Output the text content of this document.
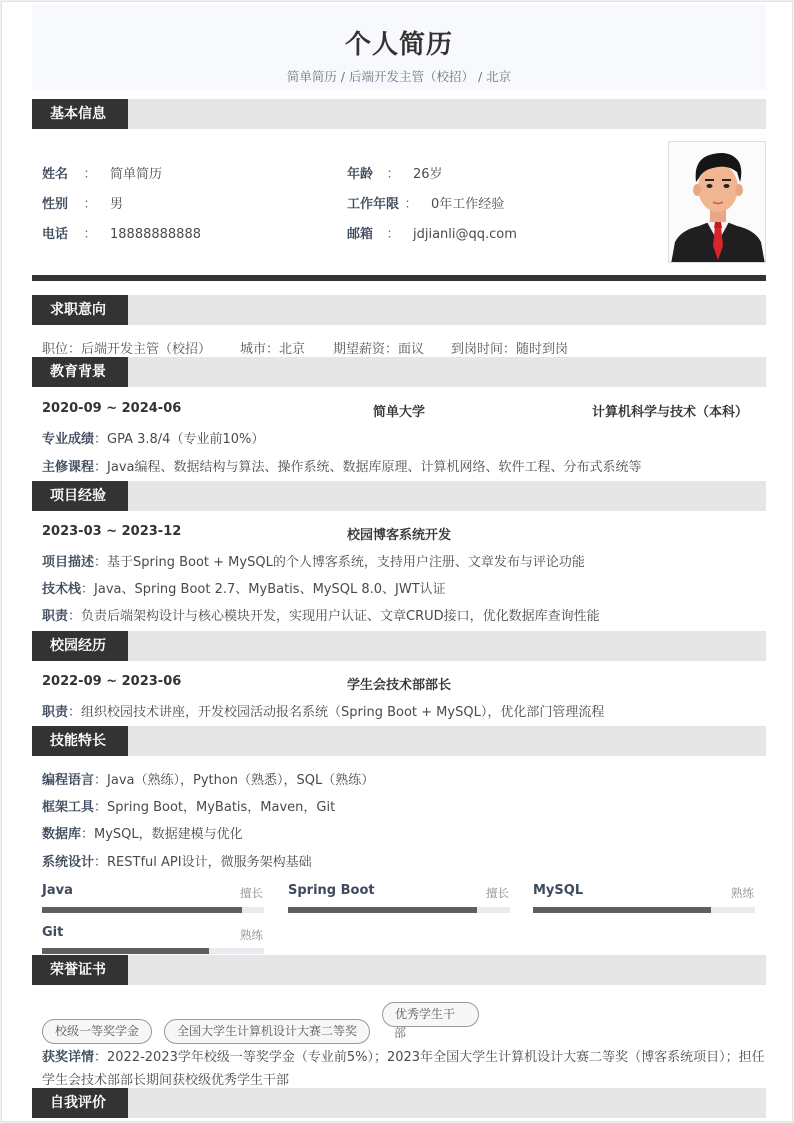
个人简历
简单简历 / 后端开发主管（校招） / 北京
基本信息
姓名 ： 简单简历
性别 ： 男
电话 ： 18888888888
年龄 ： 26岁
工作年限 ： 0年工作经验
邮箱 ： jdjianli@qq.com
求职意向
职位：后端开发主管（校招） 城市：北京 期望薪资：面议 到岗时间：随时到岗
教育背景
2020-09 ~ 2024-06	简单大学	计算机科学与技术（本科）
专业成绩：GPA 3.8/4（专业前10%）
主修课程：Java编程、数据结构与算法、操作系统、数据库原理、计算机网络、软件工程、分布式系统等
项目经验
2023-03 ~ 2023-12	校园博客系统开发
项目描述：基于Spring Boot + MySQL的个人博客系统，支持用户注册、文章发布与评论功能
技术栈：Java、Spring Boot 2.7、MyBatis、MySQL 8.0、JWT认证
职责：负责后端架构设计与核心模块开发，实现用户认证、文章CRUD接口，优化数据库查询性能
校园经历
2022-09 ~ 2023-06	学生会技术部部长
职责：组织校园技术讲座，开发校园活动报名系统（Spring Boot + MySQL），优化部门管理流程
技能特长
编程语言：Java（熟练），Python（熟悉），SQL（熟练）
框架工具：Spring Boot，MyBatis，Maven，Git
数据库：MySQL，数据建模与优化
系统设计：RESTful API设计，微服务架构基础
Java	擅长 Spring Boot	擅长 MySQL	熟练
Git	熟练
荣誉证书
校级一等奖学金	全国大学生计算机设计大赛二等奖
优秀学生干
部
获奖详情：2022-2023学年校级一等奖学金（专业前5%）；2023年全国大学生计算机设计大赛二等奖（博客系统项目）；担任
学生会技术部部长期间获校级优秀学生干部
自我评价
